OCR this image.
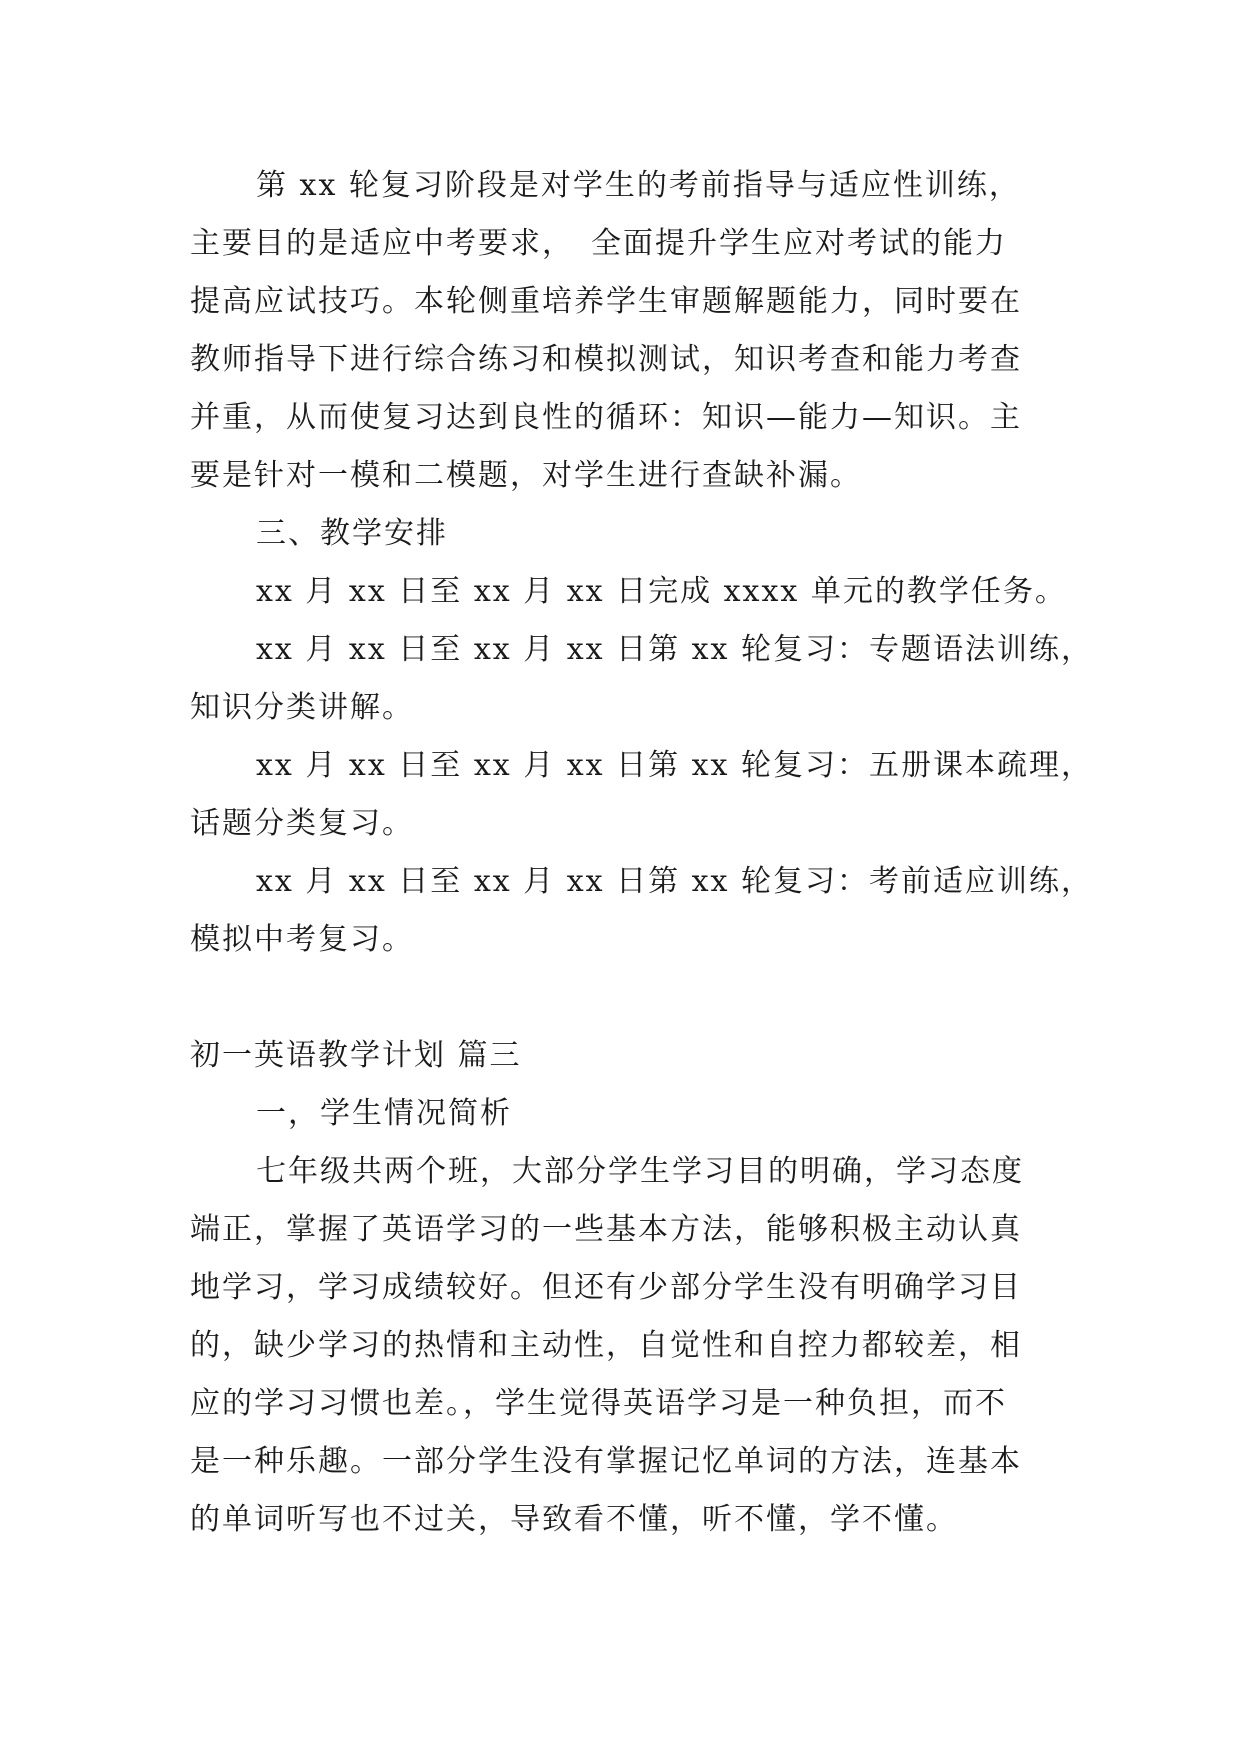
第 xx 轮复习阶段是对学生的考前指导与适应性训练，
主要目的是适应中考要求，　全面提升学生应对考试的能力
提高应试技巧。本轮侧重培养学生审题解题能力，同时要在
教师指导下进行综合练习和模拟测试，知识考查和能力考查
并重，从而使复习达到良性的循环：知识—能力—知识。主
要是针对一模和二模题，对学生进行查缺补漏。
三、教学安排
xx 月 xx 日至 xx 月 xx 日完成 xxxx 单元的教学任务。
xx 月 xx 日至 xx 月 xx 日第 xx 轮复习：专题语法训练，
知识分类讲解。
xx 月 xx 日至 xx 月 xx 日第 xx 轮复习：五册课本疏理，
话题分类复习。
xx 月 xx 日至 xx 月 xx 日第 xx 轮复习：考前适应训练，
模拟中考复习。
初一英语教学计划 篇三
一，学生情况简析
七年级共两个班，大部分学生学习目的明确，学习态度
端正，掌握了英语学习的一些基本方法，能够积极主动认真
地学习，学习成绩较好。但还有少部分学生没有明确学习目
的，缺少学习的热情和主动性，自觉性和自控力都较差，相
应的学习习惯也差。，学生觉得英语学习是一种负担，而不
是一种乐趣。一部分学生没有掌握记忆单词的方法，连基本
的单词听写也不过关，导致看不懂，听不懂，学不懂。
